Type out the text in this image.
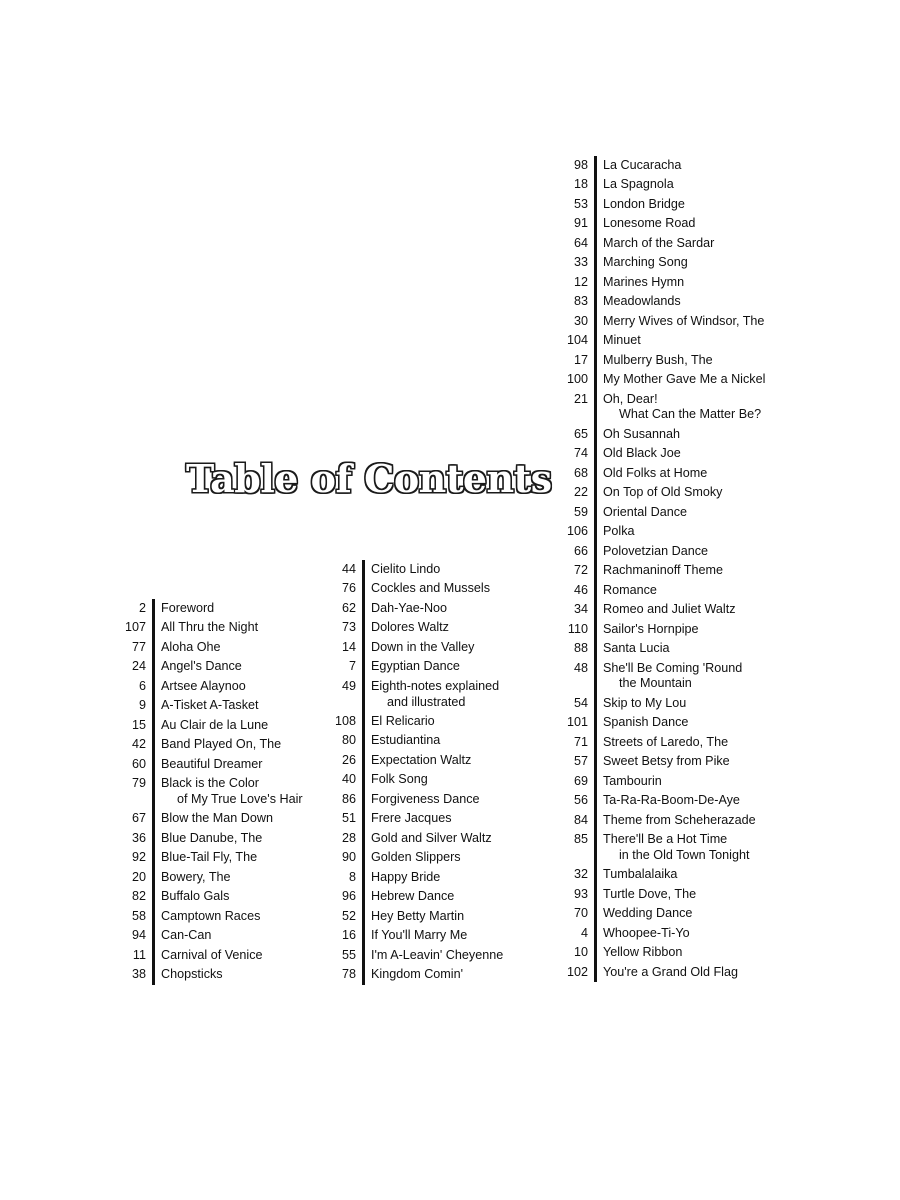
Table of Contents
2	Foreword
107	All Thru the Night
77	Aloha Ohe
24	Angel's Dance
6	Artsee Alaynoo
9	A-Tisket A-Tasket
15	Au Clair de la Lune
42	Band Played On, The
60	Beautiful Dreamer
79	Black is the Color
of My True Love's Hair
67	Blow the Man Down
36	Blue Danube, The
92	Blue-Tail Fly, The
20	Bowery, The
82	Buffalo Gals
58	Camptown Races
94	Can-Can
11	Carnival of Venice
38	Chopsticks
44	Cielito Lindo
76	Cockles and Mussels
62	Dah-Yae-Noo
73	Dolores Waltz
14	Down in the Valley
7	Egyptian Dance
49	Eighth-notes explained
and illustrated
108	El Relicario
80	Estudiantina
26	Expectation Waltz
40	Folk Song
86	Forgiveness Dance
51	Frere Jacques
28	Gold and Silver Waltz
90	Golden Slippers
8	Happy Bride
96	Hebrew Dance
52	Hey Betty Martin
16	If You'll Marry Me
55	I'm A-Leavin' Cheyenne
78	Kingdom Comin'
98	La Cucaracha
18	La Spagnola
53	London Bridge
91	Lonesome Road
64	March of the Sardar
33	Marching Song
12	Marines Hymn
83	Meadowlands
30	Merry Wives of Windsor, The
104	Minuet
17	Mulberry Bush, The
100	My Mother Gave Me a Nickel
21	Oh, Dear!
What Can the Matter Be?
65	Oh Susannah
74	Old Black Joe
68	Old Folks at Home
22	On Top of Old Smoky
59	Oriental Dance
106	Polka
66	Polovetzian Dance
72	Rachmaninoff Theme
46	Romance
34	Romeo and Juliet Waltz
110	Sailor's Hornpipe
88	Santa Lucia
48	She'll Be Coming 'Round
the Mountain
54	Skip to My Lou
101	Spanish Dance
71	Streets of Laredo, The
57	Sweet Betsy from Pike
69	Tambourin
56	Ta-Ra-Ra-Boom-De-Aye
84	Theme from Scheherazade
85	There'll Be a Hot Time
in the Old Town Tonight
32	Tumbalalaika
93	Turtle Dove, The
70	Wedding Dance
4	Whoopee-Ti-Yo
10	Yellow Ribbon
102	You're a Grand Old Flag
